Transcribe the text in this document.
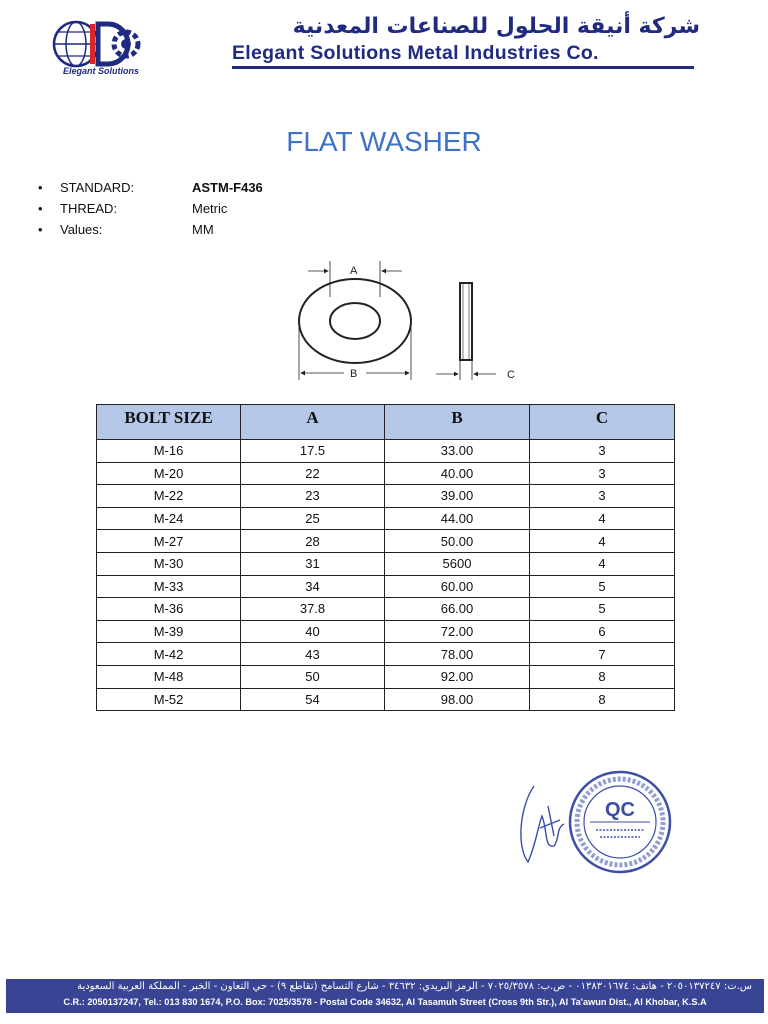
Elegant Solutions
شركة أنيقة الحلول للصناعات المعدنية
Elegant Solutions Metal Industries Co.
FLAT WASHER
• STANDARD:	ASTM-F436
• THREAD:	Metric
• Values:	MM
A
B	C
BOLT SIZE	A	B	C
M-16	17.5	33.00	3
M-20	22	40.00	3
M-22	23	39.00	3
M-24	25	44.00	4
M-27	28	50.00	4
M-30	31	5600	4
M-33	34	60.00	5
M-36	37.8	66.00	5
M-39	40	72.00	6
M-42	43	78.00	7
M-48	50	92.00	8
M-52	54	98.00	8
QC
س.ت: ٢٠٥٠١٣٧٢٤٧ - هاتف: ٠١٣٨٣٠١٦٧٤ - ص.ب: ٧٠٢٥/٣٥٧٨ - الرمز البريدي: ٣٤٦٣٢ - شارع التسامح (تقاطع ٩) - حي التعاون - الخبر - المملكة العربية السعودية
C.R.: 2050137247, Tel.: 013 830 1674, P.O. Box: 7025/3578 - Postal Code 34632, Al Tasamuh Street (Cross 9th Str.), Al Ta'awun Dist., Al Khobar, K.S.A
